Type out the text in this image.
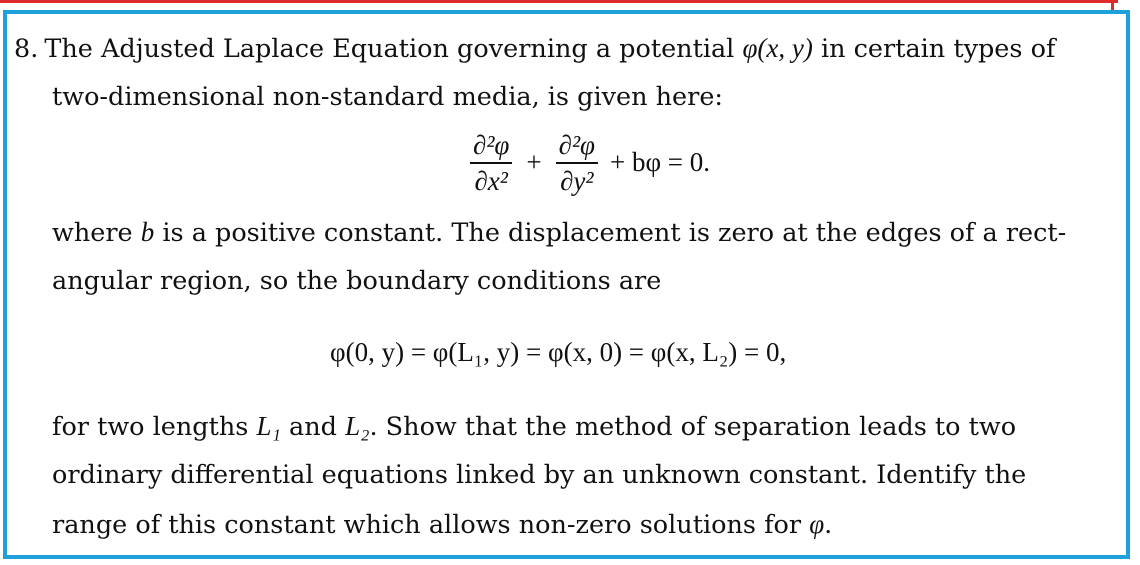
8. The Adjusted Laplace Equation governing a potential φ(x, y) in certain types of
two-dimensional non-standard media, is given here:
$\frac{\text{∂²φ}}{\text{∂x²}} + \frac{\text{∂²φ}}{\text{∂y²}} + b\varphi = 0$.
where b is a positive constant. The displacement is zero at the edges of a rect-
angular region, so the boundary conditions are
φ(0, y) = φ(L₁, y) = φ(x, 0) = φ(x, L₂) = 0,
for two lengths L₁ and L₂. Show that the method of separation leads to two
ordinary differential equations linked by an unknown constant. Identify the
range of this constant which allows non-zero solutions for φ.
